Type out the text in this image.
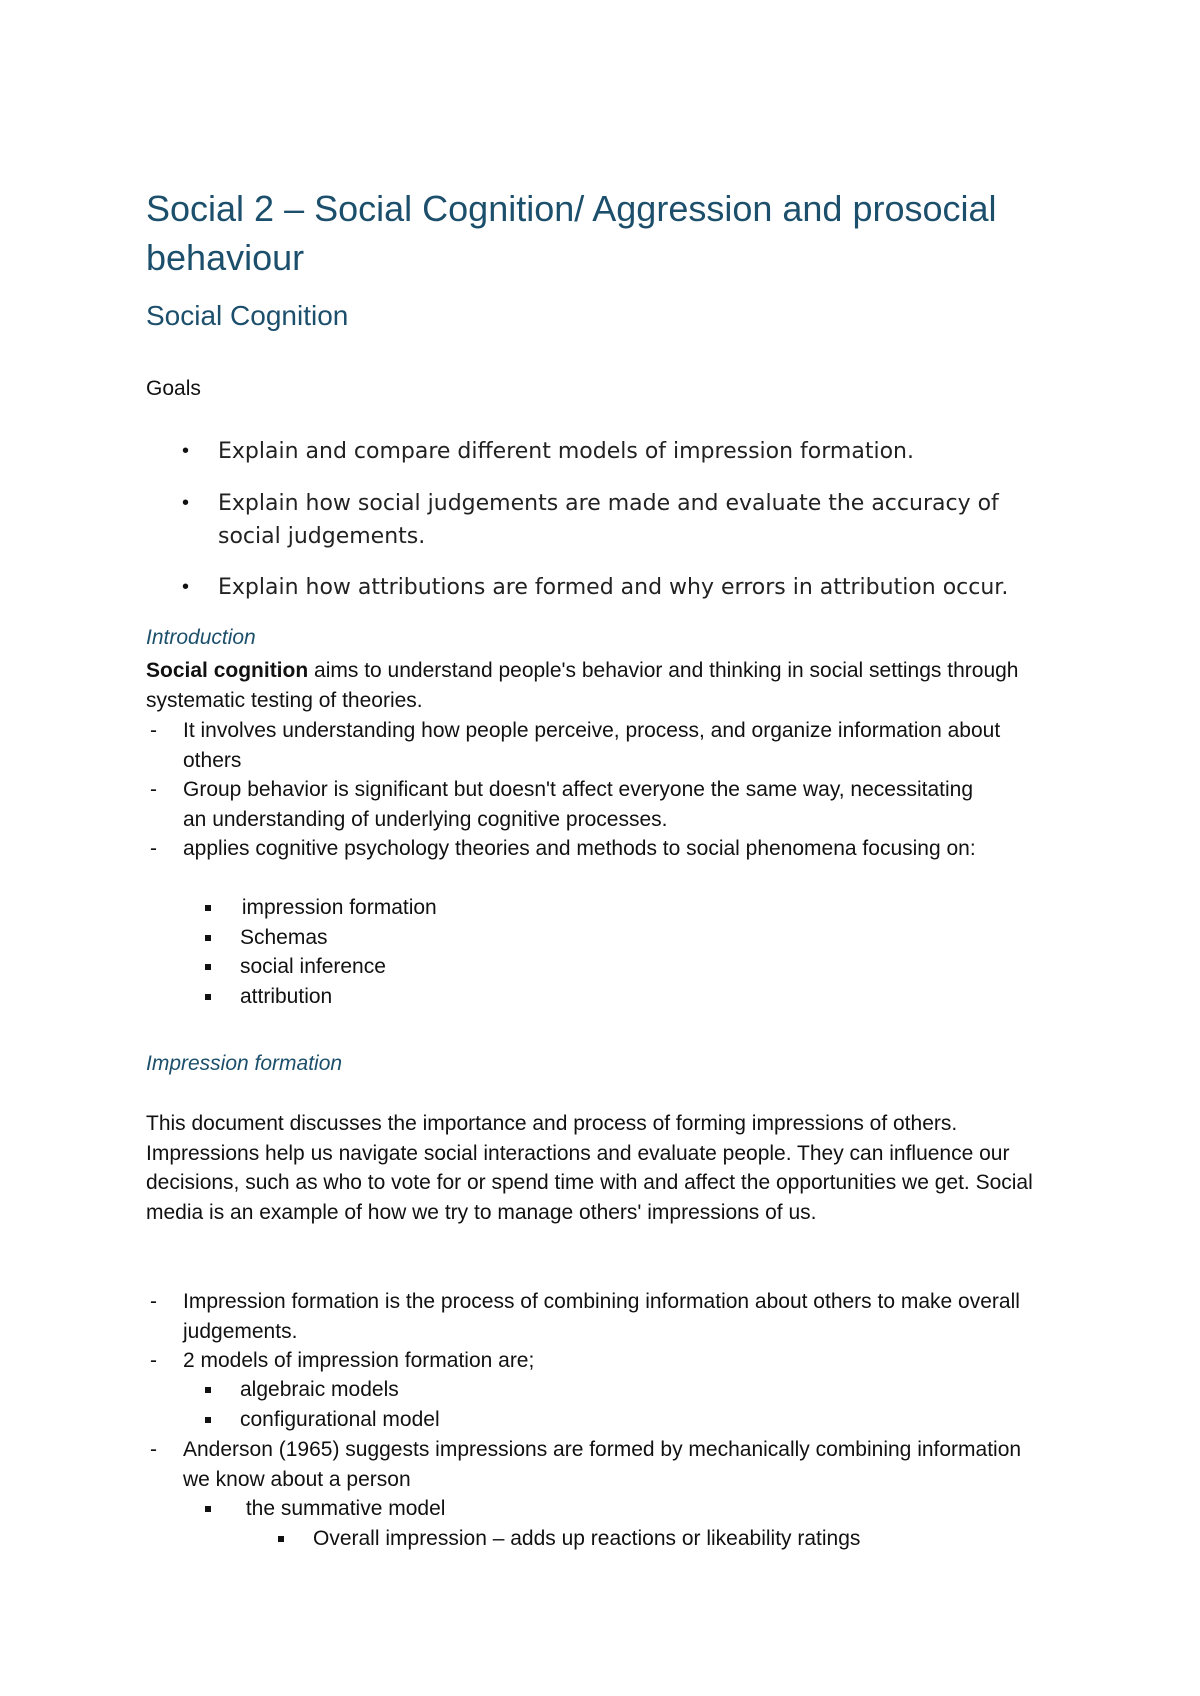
Social 2 – Social Cognition/ Aggression and prosocial behaviour
Social Cognition
Goals
• Explain and compare different models of impression formation.
• Explain how social judgements are made and evaluate the accuracy of social judgements.
• Explain how attributions are formed and why errors in attribution occur.
Introduction
Social cognition aims to understand people's behavior and thinking in social settings through systematic testing of theories.
- It involves understanding how people perceive, process, and organize information about others
- Group behavior is significant but doesn't affect everyone the same way, necessitating an understanding of underlying cognitive processes.
- applies cognitive psychology theories and methods to social phenomena focusing on:
impression formation
Schemas
social inference
attribution
Impression formation
This document discusses the importance and process of forming impressions of others. Impressions help us navigate social interactions and evaluate people. They can influence our decisions, such as who to vote for or spend time with and affect the opportunities we get. Social media is an example of how we try to manage others' impressions of us.
- Impression formation is the process of combining information about others to make overall judgements.
- 2 models of impression formation are;
algebraic models
configurational model
- Anderson (1965) suggests impressions are formed by mechanically combining information we know about a person
the summative model
Overall impression – adds up reactions or likeability ratings
